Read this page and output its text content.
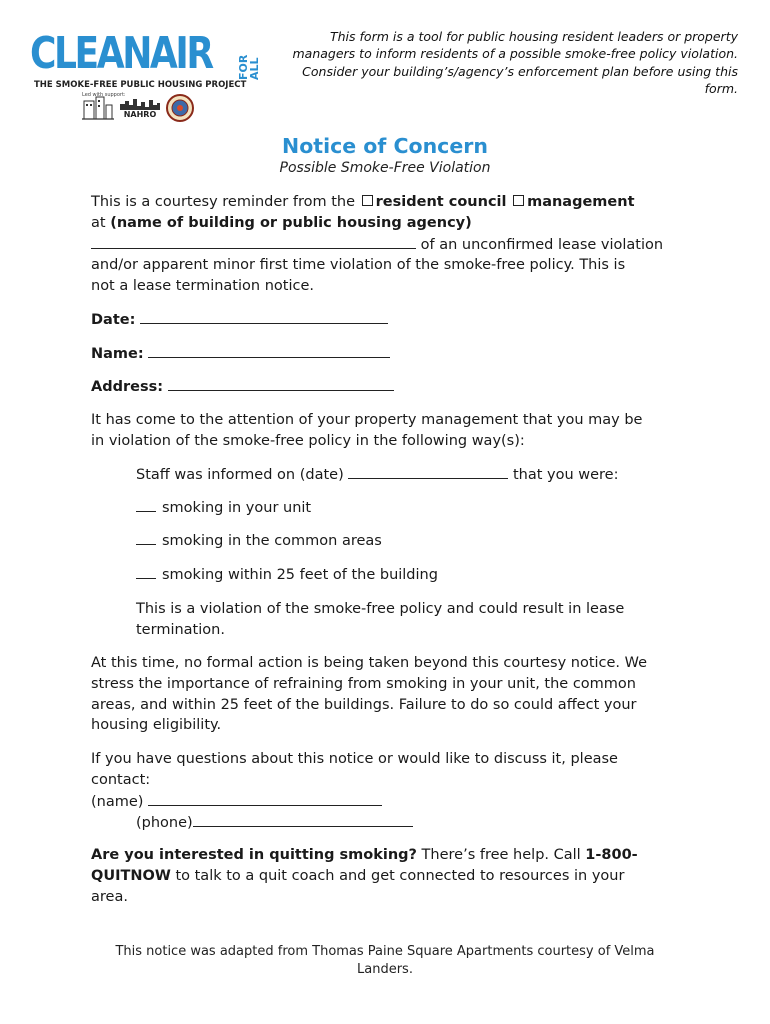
CLEANAIR FOR ALL
THE SMOKE-FREE PUBLIC HOUSING PROJECT
Led with support:
NAHRO
This form is a tool for public housing resident leaders or property managers to inform residents of a possible smoke-free policy violation. Consider your building’s/agency’s enforcement plan before using this form.
Notice of Concern
Possible Smoke-Free Violation
This is a courtesy reminder from the resident council management
at (name of building or public housing agency)
of an unconfirmed lease violation
and/or apparent minor first time violation of the smoke-free policy. This is
not a lease termination notice.
Date:
Name:
Address:
It has come to the attention of your property management that you may be
in violation of the smoke-free policy in the following way(s):
Staff was informed on (date)	that you were:
smoking in your unit
smoking in the common areas
smoking within 25 feet of the building
This is a violation of the smoke-free policy and could result in lease
termination.
At this time, no formal action is being taken beyond this courtesy notice. We
stress the importance of refraining from smoking in your unit, the common
areas, and within 25 feet of the buildings. Failure to do so could affect your
housing eligibility.
If you have questions about this notice or would like to discuss it, please
contact:
(name)
(phone)
Are you interested in quitting smoking? There’s free help. Call 1-800-
QUITNOW to talk to a quit coach and get connected to resources in your
area.
This notice was adapted from Thomas Paine Square Apartments courtesy of Velma
Landers.
